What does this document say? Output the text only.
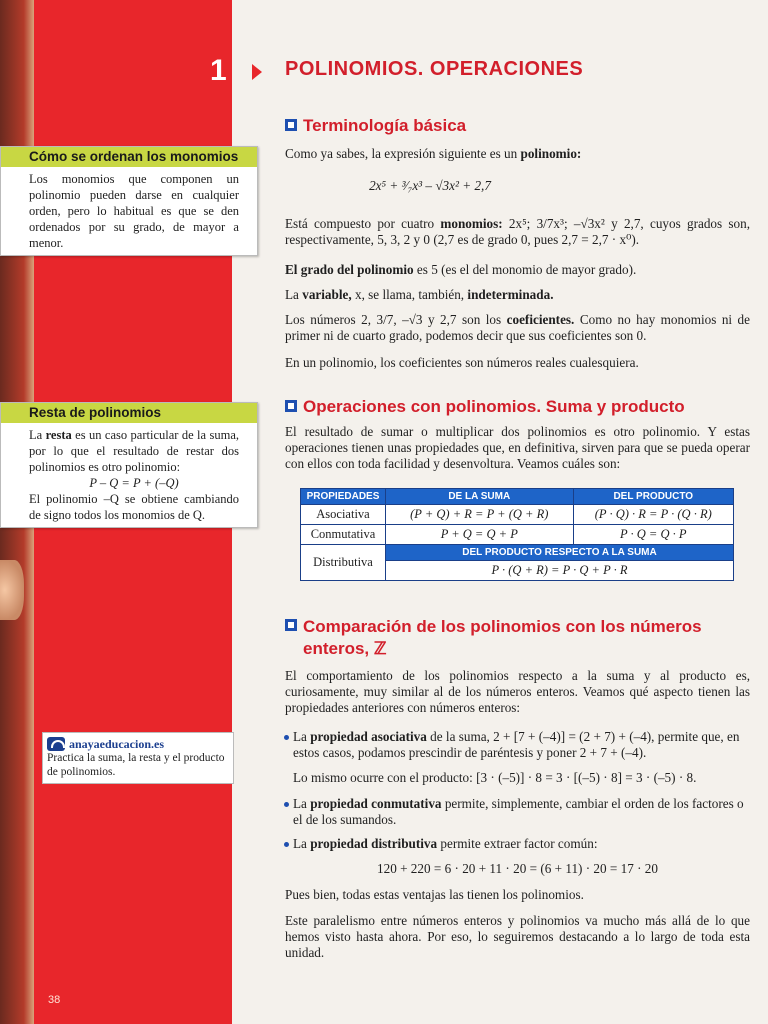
38
1	POLINOMIOS. OPERACIONES
Cómo se ordenan los monomios
Los monomios que componen un polinomio pueden darse en cualquier orden, pero lo habitual es que se den ordenados por su grado, de mayor a menor.
Resta de polinomios
La resta es un caso particular de la suma, por lo que el resultado de restar dos polinomios es otro polinomio:
P – Q = P + (–Q)
El polinomio –Q se obtiene cambiando de signo todos los monomios de Q.
anayaeducacion.es
Practica la suma, la resta y el producto de polinomios.
Terminología básica
Como ya sabes, la expresión siguiente es un polinomio:
2x⁵ + ³⁄₇x³ – √3x² + 2,7
Está compuesto por cuatro monomios: 2x⁵; 3/7x³; –√3x² y 2,7, cuyos grados son, respectivamente, 5, 3, 2 y 0 (2,7 es de grado 0, pues 2,7 = 2,7 · x⁰).
El grado del polinomio es 5 (es el del monomio de mayor grado).
La variable, x, se llama, también, indeterminada.
Los números 2, 3/7, –√3 y 2,7 son los coeficientes. Como no hay monomios ni de primer ni de cuarto grado, podemos decir que sus coeficientes son 0.
En un polinomio, los coeficientes son números reales cualesquiera.
Operaciones con polinomios. Suma y producto
El resultado de sumar o multiplicar dos polinomios es otro polinomio. Y estas operaciones tienen unas propiedades que, en definitiva, sirven para que se pueda operar con ellos con toda facilidad y desenvoltura. Veamos cuáles son:
PROPIEDADES	DE LA SUMA	DEL PRODUCTO
Asociativa	(P + Q) + R = P + (Q + R)	(P · Q) · R = P · (Q · R)
Conmutativa	P + Q = Q + P	P · Q = Q · P
Distributiva	DEL PRODUCTO RESPECTO A LA SUMA	
	P · (Q + R) = P · Q + P · R	
Comparación de los polinomios con los números enteros, ℤ
El comportamiento de los polinomios respecto a la suma y al producto es, curiosamente, muy similar al de los números enteros. Veamos qué aspecto tienen las propiedades anteriores con números enteros:
La propiedad asociativa de la suma, 2 + [7 + (–4)] = (2 + 7) + (–4), permite que, en estos casos, podamos prescindir de paréntesis y poner 2 + 7 + (–4).
Lo mismo ocurre con el producto: [3 · (–5)] · 8 = 3 · [(–5) · 8] = 3 · (–5) · 8.
La propiedad conmutativa permite, simplemente, cambiar el orden de los factores o el de los sumandos.
La propiedad distributiva permite extraer factor común:
120 + 220 = 6 · 20 + 11 · 20 = (6 + 11) · 20 = 17 · 20
Pues bien, todas estas ventajas las tienen los polinomios.
Este paralelismo entre números enteros y polinomios va mucho más allá de lo que hemos visto hasta ahora. Por eso, lo seguiremos destacando a lo largo de toda esta unidad.
